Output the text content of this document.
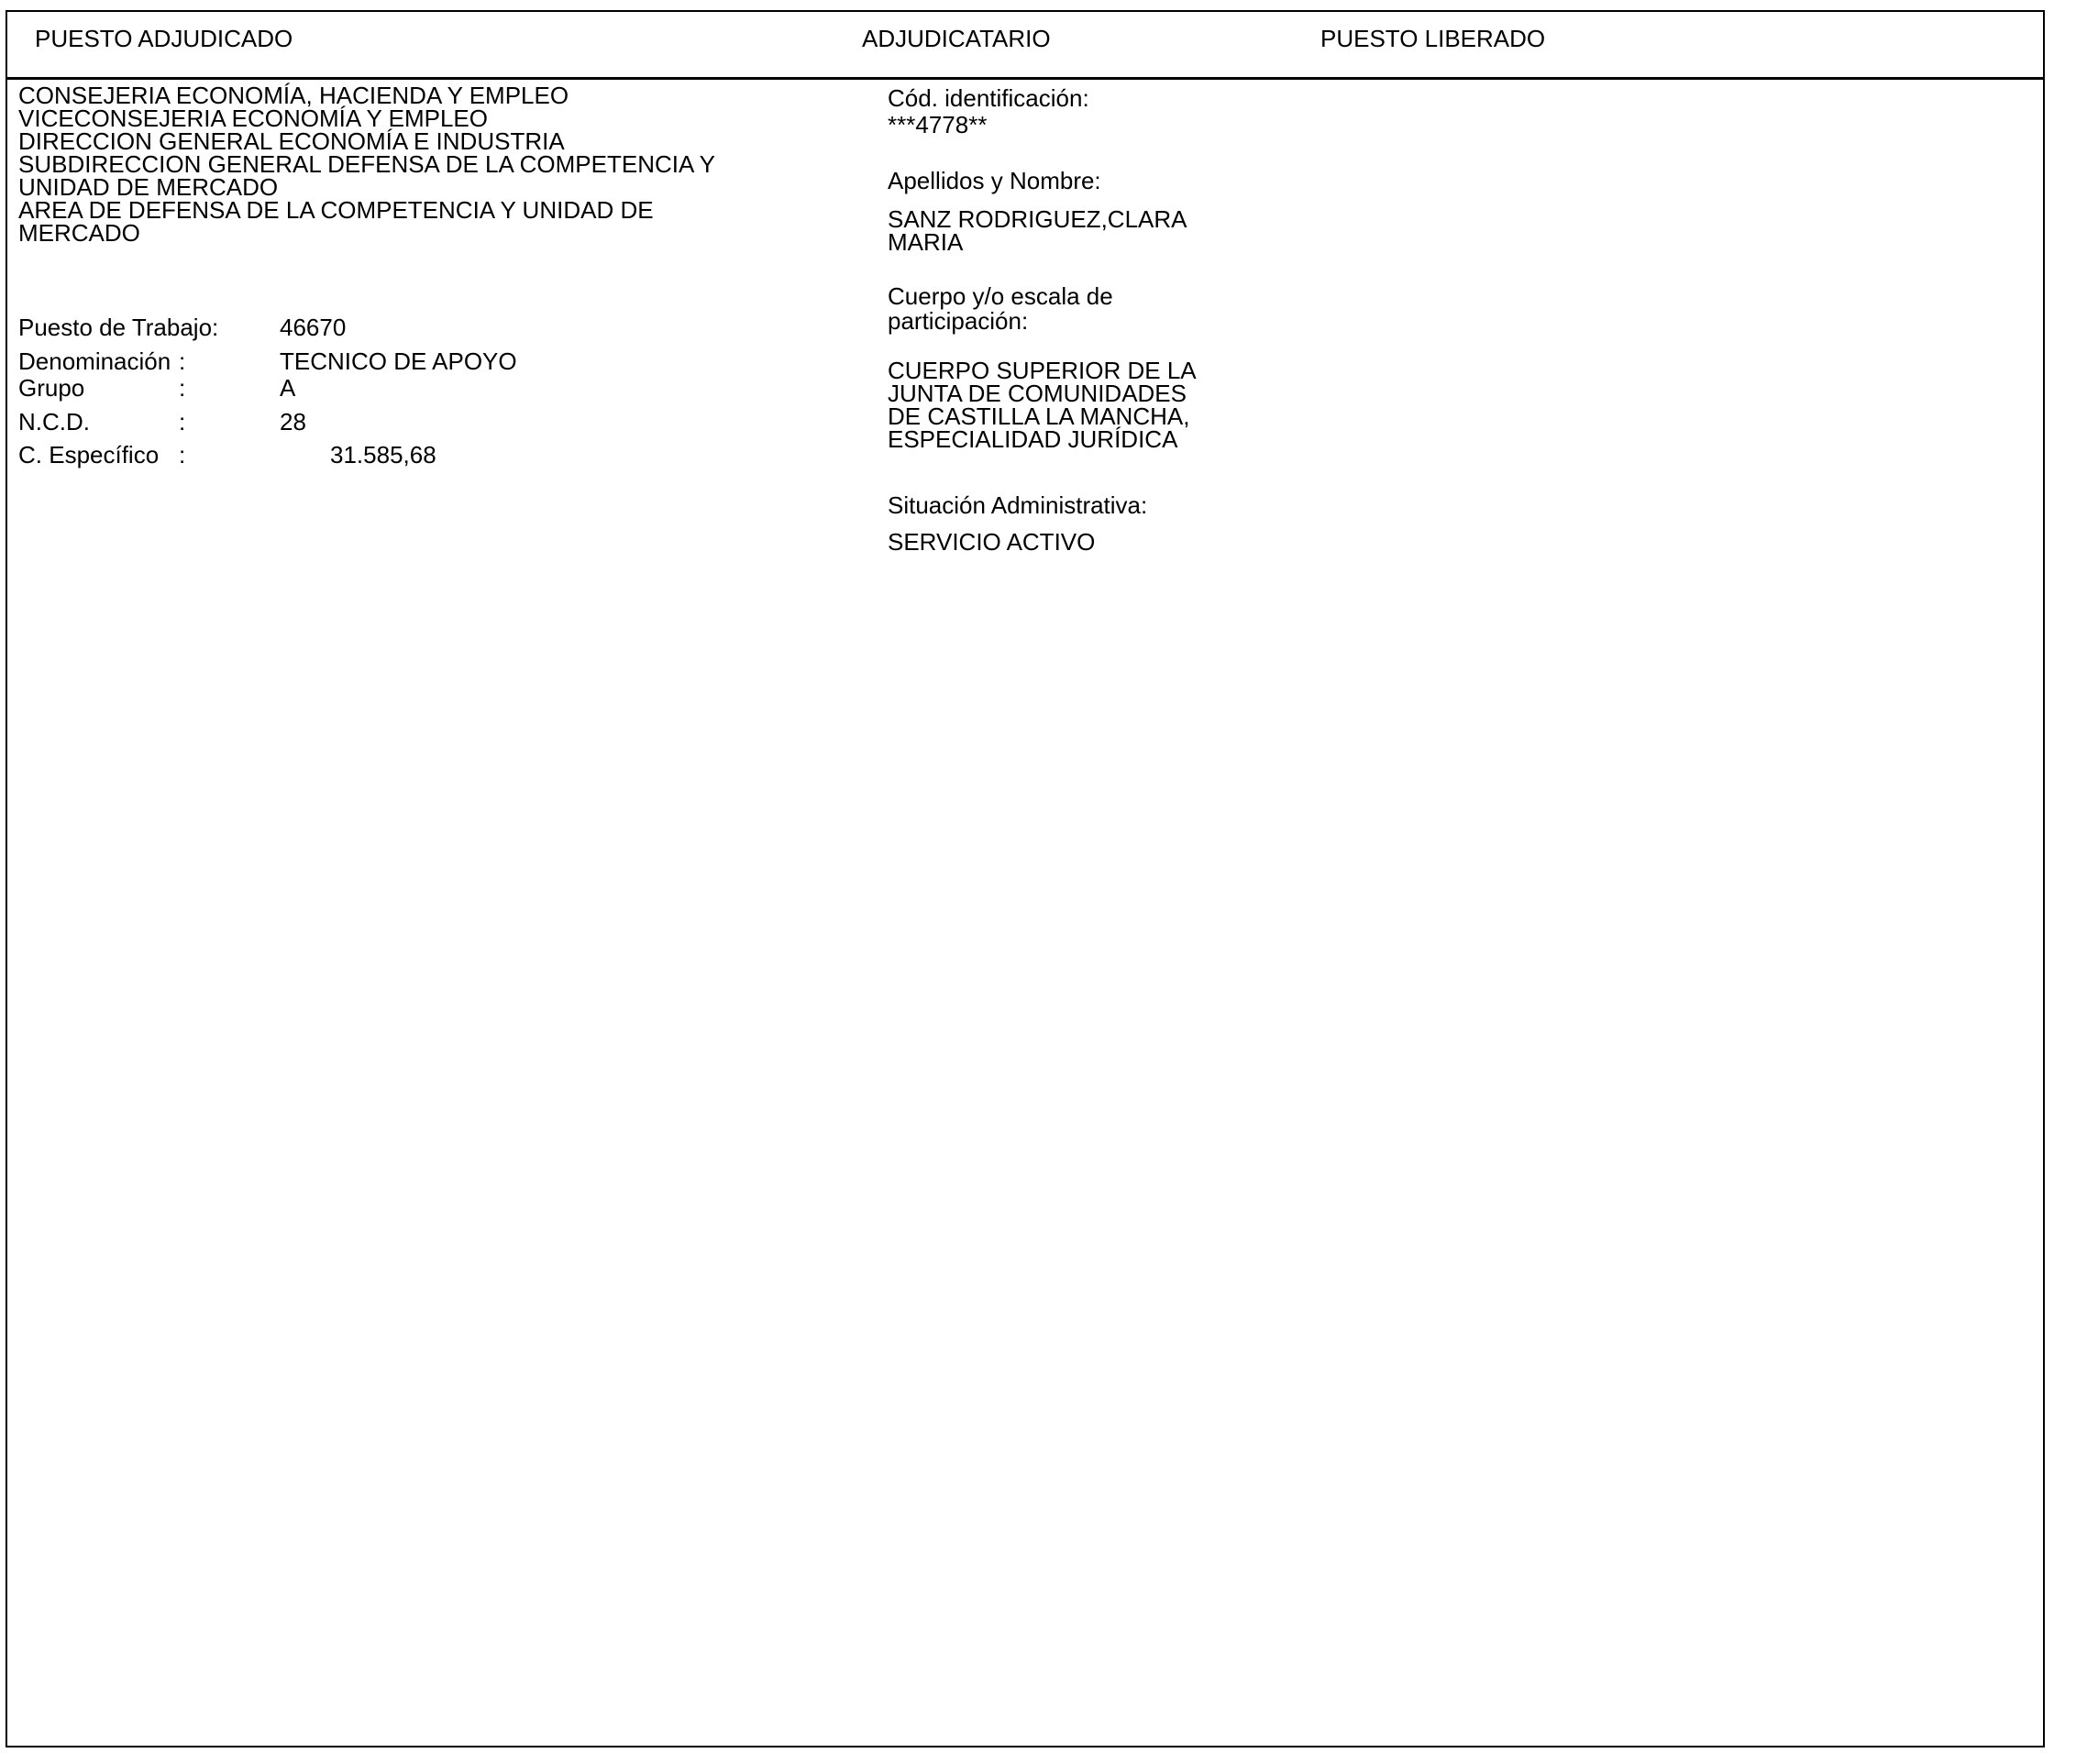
PUESTO ADJUDICADO	ADJUDICATARIO	PUESTO LIBERADO
CONSEJERIA ECONOMÍA, HACIENDA Y EMPLEO
VICECONSEJERIA ECONOMÍA Y EMPLEO
DIRECCION GENERAL ECONOMÍA E INDUSTRIA
SUBDIRECCION GENERAL DEFENSA DE LA COMPETENCIA Y
UNIDAD DE MERCADO
AREA DE DEFENSA DE LA COMPETENCIA Y UNIDAD DE
MERCADO
Puesto de Trabajo:	46670
Denominación :	TECNICO DE APOYO
Grupo	:	A
N.C.D.	:	28
C. Específico :	31.585,68
Cód. identificación:
***4778**
Apellidos y Nombre:
SANZ RODRIGUEZ,CLARA
MARIA
Cuerpo y/o escala de
participación:
CUERPO SUPERIOR DE LA
JUNTA DE COMUNIDADES
DE CASTILLA LA MANCHA,
ESPECIALIDAD JURÍDICA
Situación Administrativa:
SERVICIO ACTIVO
